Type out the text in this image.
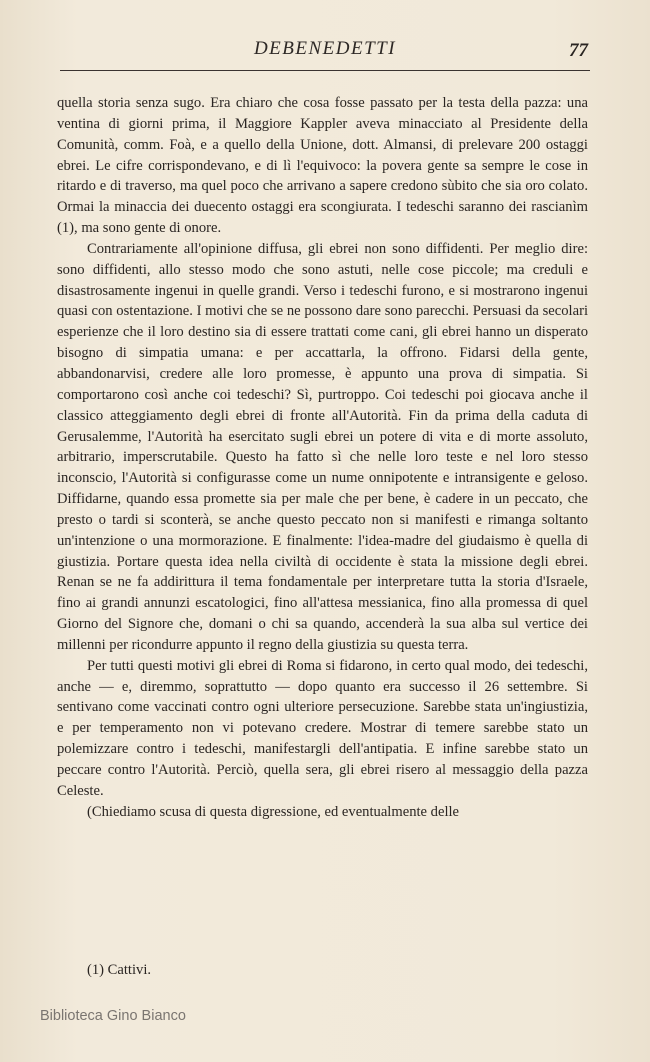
DEBENEDETTI	77

quella storia senza sugo. Era chiaro che cosa fosse passato per la testa della pazza: una ventina di giorni prima, il Maggiore Kappler aveva minacciato al Presidente della Comunità, comm. Foà, e a quello della Unione, dott. Almansi, di prelevare 200 ostaggi ebrei. Le cifre corrispondevano, e di lì l'equivoco: la povera gente sa sempre le cose in ritardo e di traverso, ma quel poco che arrivano a sapere credono sùbito che sia oro colato. Ormai la minaccia dei duecento ostaggi era scongiurata. I tedeschi saranno dei rascianìm (1), ma sono gente di onore.

Contrariamente all'opinione diffusa, gli ebrei non sono diffidenti. Per meglio dire: sono diffidenti, allo stesso modo che sono astuti, nelle cose piccole; ma creduli e disastrosamente ingenui in quelle grandi. Verso i tedeschi furono, e si mostrarono ingenui quasi con ostentazione. I motivi che se ne possono dare sono parecchi. Persuasi da secolari esperienze che il loro destino sia di essere trattati come cani, gli ebrei hanno un disperato bisogno di simpatia umana: e per accattarla, la offrono. Fidarsi della gente, abbandonarvisi, credere alle loro promesse, è appunto una prova di simpatia. Si comportarono così anche coi tedeschi? Sì, purtroppo. Coi tedeschi poi giocava anche il classico atteggiamento degli ebrei di fronte all'Autorità. Fin da prima della caduta di Gerusalemme, l'Autorità ha esercitato sugli ebrei un potere di vita e di morte assoluto, arbitrario, imperscrutabile. Questo ha fatto sì che nelle loro teste e nel loro stesso inconscio, l'Autorità si configurasse come un nume onnipotente e intransigente e geloso. Diffidarne, quando essa promette sia per male che per bene, è cadere in un peccato, che presto o tardi si sconterà, se anche questo peccato non si manifesti e rimanga soltanto un'intenzione o una mormorazione. E finalmente: l'idea-madre del giudaismo è quella di giustizia. Portare questa idea nella civiltà di occidente è stata la missione degli ebrei. Renan se ne fa addirittura il tema fondamentale per interpretare tutta la storia d'Israele, fino ai grandi annunzi escatologici, fino all'attesa messianica, fino alla promessa di quel Giorno del Signore che, domani o chi sa quando, accenderà la sua alba sul vertice dei millenni per ricondurre appunto il regno della giustizia su questa terra.

Per tutti questi motivi gli ebrei di Roma si fidarono, in certo qual modo, dei tedeschi, anche — e, diremmo, soprattutto — dopo quanto era successo il 26 settembre. Si sentivano come vaccinati contro ogni ulteriore persecuzione. Sarebbe stata un'ingiustizia, e per temperamento non vi potevano credere. Mostrar di temere sarebbe stato un polemizzare contro i tedeschi, manifestargli dell'antipatia. E infine sarebbe stato un peccare contro l'Autorità. Perciò, quella sera, gli ebrei risero al messaggio della pazza Celeste.

(Chiediamo scusa di questa digressione, ed eventualmente delle

(1) Cattivi.
Biblioteca Gino Bianco
